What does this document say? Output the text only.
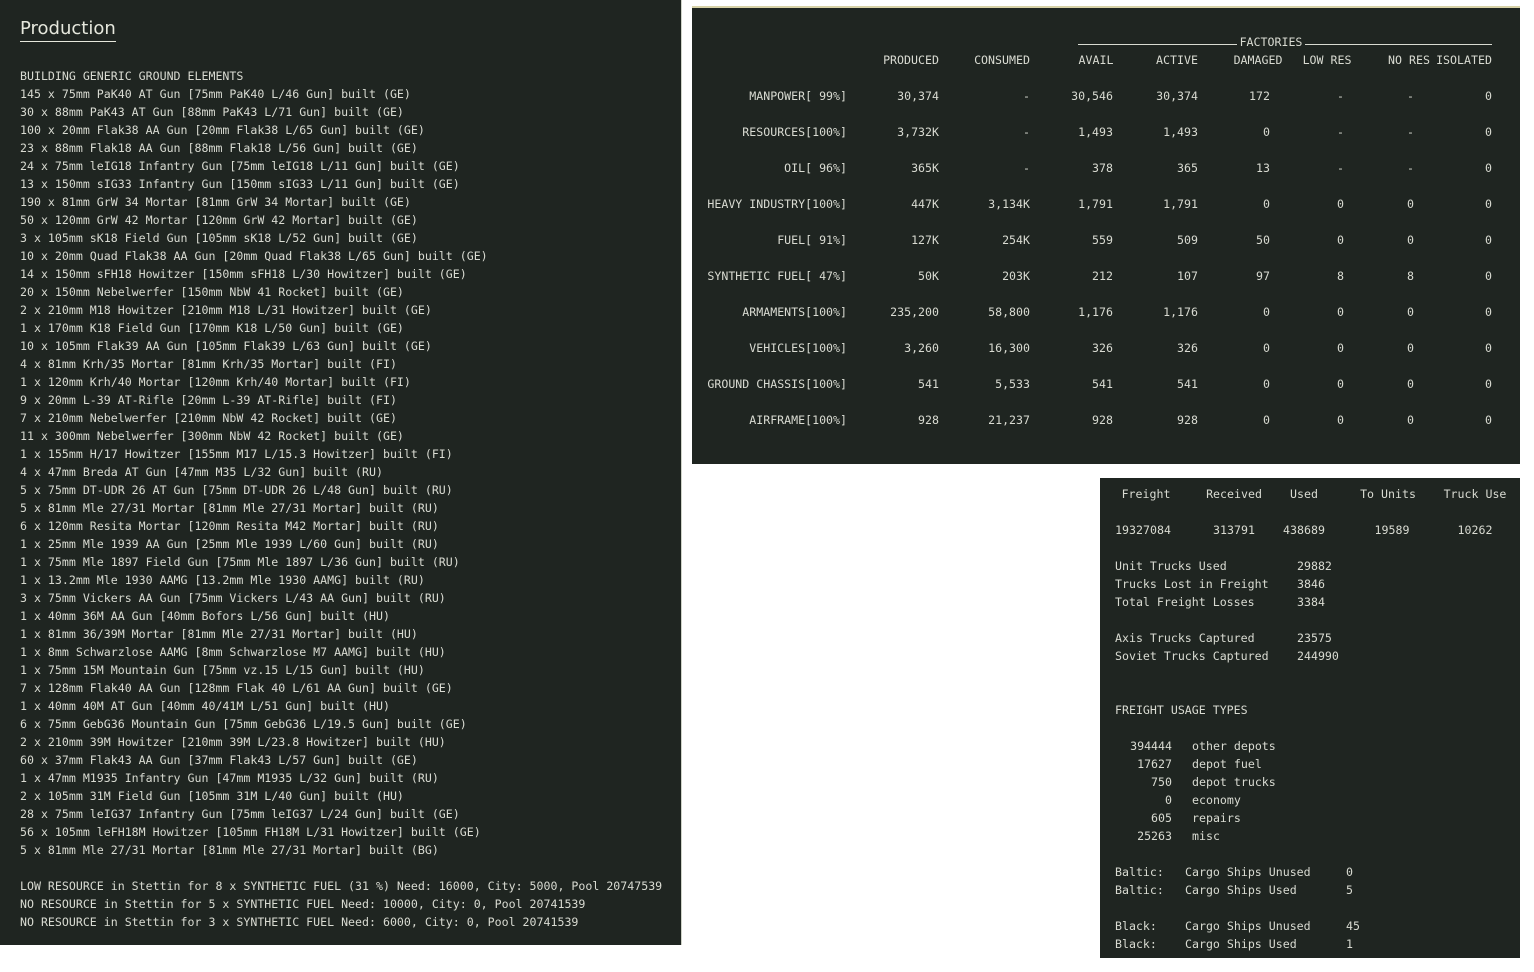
Production
BUILDING GENERIC GROUND ELEMENTS
145 x 75mm PaK40 AT Gun [75mm PaK40 L/46 Gun] built (GE)
30 x 88mm PaK43 AT Gun [88mm PaK43 L/71 Gun] built (GE)
100 x 20mm Flak38 AA Gun [20mm Flak38 L/65 Gun] built (GE)
23 x 88mm Flak18 AA Gun [88mm Flak18 L/56 Gun] built (GE)
24 x 75mm leIG18 Infantry Gun [75mm leIG18 L/11 Gun] built (GE)
13 x 150mm sIG33 Infantry Gun [150mm sIG33 L/11 Gun] built (GE)
190 x 81mm GrW 34 Mortar [81mm GrW 34 Mortar] built (GE)
50 x 120mm GrW 42 Mortar [120mm GrW 42 Mortar] built (GE)
3 x 105mm sK18 Field Gun [105mm sK18 L/52 Gun] built (GE)
10 x 20mm Quad Flak38 AA Gun [20mm Quad Flak38 L/65 Gun] built (GE)
14 x 150mm sFH18 Howitzer [150mm sFH18 L/30 Howitzer] built (GE)
20 x 150mm Nebelwerfer [150mm NbW 41 Rocket] built (GE)
2 x 210mm M18 Howitzer [210mm M18 L/31 Howitzer] built (GE)
1 x 170mm K18 Field Gun [170mm K18 L/50 Gun] built (GE)
10 x 105mm Flak39 AA Gun [105mm Flak39 L/63 Gun] built (GE)
4 x 81mm Krh/35 Mortar [81mm Krh/35 Mortar] built (FI)
1 x 120mm Krh/40 Mortar [120mm Krh/40 Mortar] built (FI)
9 x 20mm L-39 AT-Rifle [20mm L-39 AT-Rifle] built (FI)
7 x 210mm Nebelwerfer [210mm NbW 42 Rocket] built (GE)
11 x 300mm Nebelwerfer [300mm NbW 42 Rocket] built (GE)
1 x 155mm H/17 Howitzer [155mm M17 L/15.3 Howitzer] built (FI)
4 x 47mm Breda AT Gun [47mm M35 L/32 Gun] built (RU)
5 x 75mm DT-UDR 26 AT Gun [75mm DT-UDR 26 L/48 Gun] built (RU)
5 x 81mm Mle 27/31 Mortar [81mm Mle 27/31 Mortar] built (RU)
6 x 120mm Resita Mortar [120mm Resita M42 Mortar] built (RU)
1 x 25mm Mle 1939 AA Gun [25mm Mle 1939 L/60 Gun] built (RU)
1 x 75mm Mle 1897 Field Gun [75mm Mle 1897 L/36 Gun] built (RU)
1 x 13.2mm Mle 1930 AAMG [13.2mm Mle 1930 AAMG] built (RU)
3 x 75mm Vickers AA Gun [75mm Vickers L/43 AA Gun] built (RU)
1 x 40mm 36M AA Gun [40mm Bofors L/56 Gun] built (HU)
1 x 81mm 36/39M Mortar [81mm Mle 27/31 Mortar] built (HU)
1 x 8mm Schwarzlose AAMG [8mm Schwarzlose M7 AAMG] built (HU)
1 x 75mm 15M Mountain Gun [75mm vz.15 L/15 Gun] built (HU)
7 x 128mm Flak40 AA Gun [128mm Flak 40 L/61 AA Gun] built (GE)
1 x 40mm 40M AT Gun [40mm 40/41M L/51 Gun] built (HU)
6 x 75mm GebG36 Mountain Gun [75mm GebG36 L/19.5 Gun] built (GE)
2 x 210mm 39M Howitzer [210mm 39M L/23.8 Howitzer] built (HU)
60 x 37mm Flak43 AA Gun [37mm Flak43 L/57 Gun] built (GE)
1 x 47mm M1935 Infantry Gun [47mm M1935 L/32 Gun] built (RU)
2 x 105mm 31M Field Gun [105mm 31M L/40 Gun] built (HU)
28 x 75mm leIG37 Infantry Gun [75mm leIG37 L/24 Gun] built (GE)
56 x 105mm leFH18M Howitzer [105mm FH18M L/31 Howitzer] built (GE)
5 x 81mm Mle 27/31 Mortar [81mm Mle 27/31 Mortar] built (BG)
LOW RESOURCE in Stettin for 8 x SYNTHETIC FUEL (31 %) Need: 16000, City: 5000, Pool 20747539
NO RESOURCE in Stettin for 5 x SYNTHETIC FUEL Need: 10000, City: 0, Pool 20741539
NO RESOURCE in Stettin for 3 x SYNTHETIC FUEL Need: 6000, City: 0, Pool 20741539
FACTORIES
PRODUCED	CONSUMED	AVAIL	ACTIVE	DAMAGED	LOW RES	NO RES ISOLATED
MANPOWER[ 99%]	30,374	-	30,546	30,374	172	-	-	0
RESOURCES[100%]	3,732K	-	1,493	1,493	0	-	-	0
OIL[ 96%]	365K	-	378	365	13	-	-	0
HEAVY INDUSTRY[100%]	447K	3,134K	1,791	1,791	0	0	0	0
FUEL[ 91%]	127K	254K	559	509	50	0	0	0
SYNTHETIC FUEL[ 47%]	50K	203K	212	107	97	8	8	0
ARMAMENTS[100%]	235,200	58,800	1,176	1,176	0	0	0	0
VEHICLES[100%]	3,260	16,300	326	326	0	0	0	0
GROUND CHASSIS[100%]	541	5,533	541	541	0	0	0	0
AIRFRAME[100%]	928	21,237	928	928	0	0	0	0
Freight	Received	Used	To Units	Truck Use
19327084	313791	438689	19589	10262
Unit Trucks Used	29882
Trucks Lost in Freight 3846
Total Freight Losses	3384
Axis Trucks Captured	23575
Soviet Trucks Captured 244990
FREIGHT USAGE TYPES
394444 other depots
17627 depot fuel
750 depot trucks
0 economy
605 repairs
25263 misc
Baltic: Cargo Ships Unused	0
Baltic: Cargo Ships Used	5
Black: Cargo Ships Unused	45
Black: Cargo Ships Used	1
